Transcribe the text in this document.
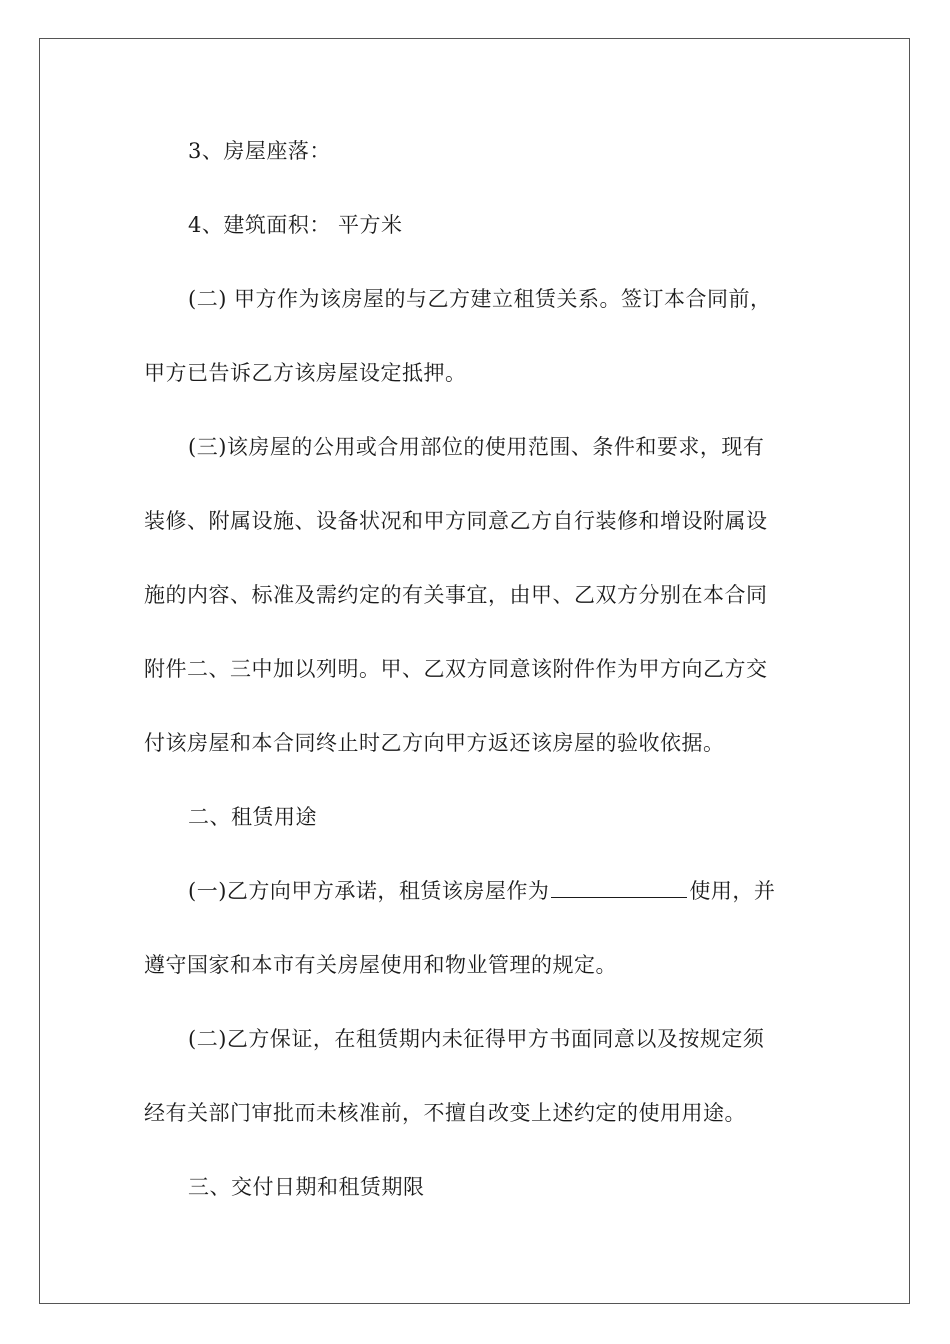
3、房屋座落：
4、建筑面积： 平方米
(二) 甲方作为该房屋的与乙方建立租赁关系。签订本合同前，
甲方已告诉乙方该房屋设定抵押。
(三)该房屋的公用或合用部位的使用范围、条件和要求，现有
装修、附属设施、设备状况和甲方同意乙方自行装修和增设附属设
施的内容、标准及需约定的有关事宜，由甲、乙双方分别在本合同
附件二、三中加以列明。甲、乙双方同意该附件作为甲方向乙方交
付该房屋和本合同终止时乙方向甲方返还该房屋的验收依据。
二、租赁用途
(一)乙方向甲方承诺，租赁该房屋作为	使用，并
遵守国家和本市有关房屋使用和物业管理的规定。
(二)乙方保证，在租赁期内未征得甲方书面同意以及按规定须
经有关部门审批而未核准前，不擅自改变上述约定的使用用途。
三、交付日期和租赁期限
